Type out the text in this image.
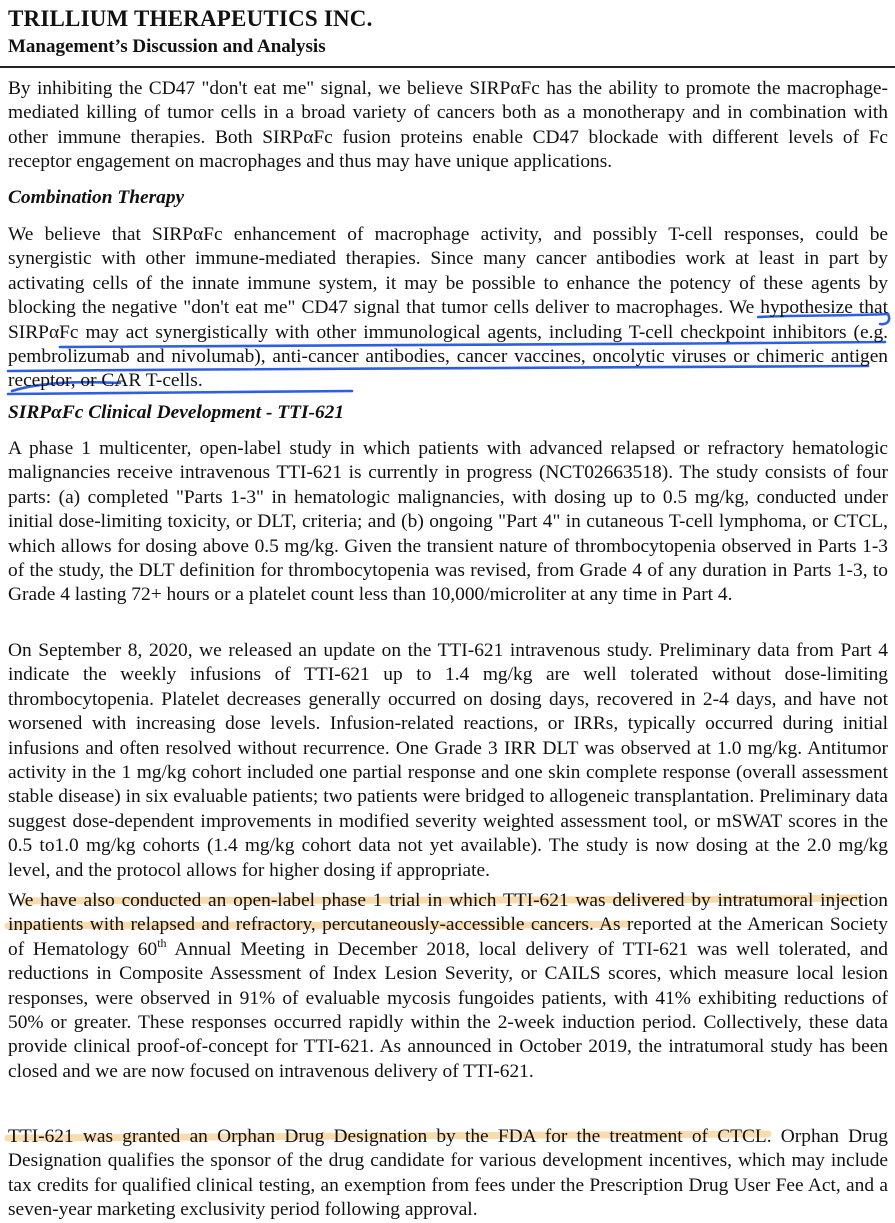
TRILLIUM THERAPEUTICS INC.
Management’s Discussion and Analysis

By inhibiting the CD47 "don't eat me" signal, we believe SIRPαFc has the ability to promote the macrophage-mediated killing of tumor cells in a broad variety of cancers both as a monotherapy and in combination with other immune therapies. Both SIRPαFc fusion proteins enable CD47 blockade with different levels of Fc receptor engagement on macrophages and thus may have unique applications.

Combination Therapy

We believe that SIRPαFc enhancement of macrophage activity, and possibly T-cell responses, could be synergistic with other immune-mediated therapies. Since many cancer antibodies work at least in part by activating cells of the innate immune system, it may be possible to enhance the potency of these agents by blocking the negative "don't eat me" CD47 signal that tumor cells deliver to macrophages. We hypothesize that SIRPαFc may act synergistically with other immunological agents, including T-cell checkpoint inhibitors (e.g. pembrolizumab and nivolumab), anti-cancer antibodies, cancer vaccines, oncolytic viruses or chimeric antigen receptor, or CAR T-cells.

SIRPαFc Clinical Development - TTI-621

A phase 1 multicenter, open-label study in which patients with advanced relapsed or refractory hematologic malignancies receive intravenous TTI-621 is currently in progress (NCT02663518). The study consists of four parts: (a) completed "Parts 1-3" in hematologic malignancies, with dosing up to 0.5 mg/kg, conducted under initial dose-limiting toxicity, or DLT, criteria; and (b) ongoing "Part 4" in cutaneous T-cell lymphoma, or CTCL, which allows for dosing above 0.5 mg/kg. Given the transient nature of thrombocytopenia observed in Parts 1-3 of the study, the DLT definition for thrombocytopenia was revised, from Grade 4 of any duration in Parts 1-3, to Grade 4 lasting 72+ hours or a platelet count less than 10,000/microliter at any time in Part 4.

On September 8, 2020, we released an update on the TTI-621 intravenous study. Preliminary data from Part 4 indicate the weekly infusions of TTI-621 up to 1.4 mg/kg are well tolerated without dose-limiting thrombocytopenia. Platelet decreases generally occurred on dosing days, recovered in 2-4 days, and have not worsened with increasing dose levels. Infusion-related reactions, or IRRs, typically occurred during initial infusions and often resolved without recurrence. One Grade 3 IRR DLT was observed at 1.0 mg/kg. Antitumor activity in the 1 mg/kg cohort included one partial response and one skin complete response (overall assessment stable disease) in six evaluable patients; two patients were bridged to allogeneic transplantation. Preliminary data suggest dose-dependent improvements in modified severity weighted assessment tool, or mSWAT scores in the 0.5 to1.0 mg/kg cohorts (1.4 mg/kg cohort data not yet available). The study is now dosing at the 2.0 mg/kg level, and the protocol allows for higher dosing if appropriate.

We have also conducted an open-label phase 1 trial in which TTI-621 was delivered by intratumoral injection inpatients with relapsed and refractory, percutaneously-accessible cancers. As reported at the American Society of Hematology 60th Annual Meeting in December 2018, local delivery of TTI-621 was well tolerated, and reductions in Composite Assessment of Index Lesion Severity, or CAILS scores, which measure local lesion responses, were observed in 91% of evaluable mycosis fungoides patients, with 41% exhibiting reductions of 50% or greater. These responses occurred rapidly within the 2-week induction period. Collectively, these data provide clinical proof-of-concept for TTI-621. As announced in October 2019, the intratumoral study has been closed and we are now focused on intravenous delivery of TTI-621.

TTI-621 was granted an Orphan Drug Designation by the FDA for the treatment of CTCL. Orphan Drug Designation qualifies the sponsor of the drug candidate for various development incentives, which may include tax credits for qualified clinical testing, an exemption from fees under the Prescription Drug User Fee Act, and a seven-year marketing exclusivity period following approval.
